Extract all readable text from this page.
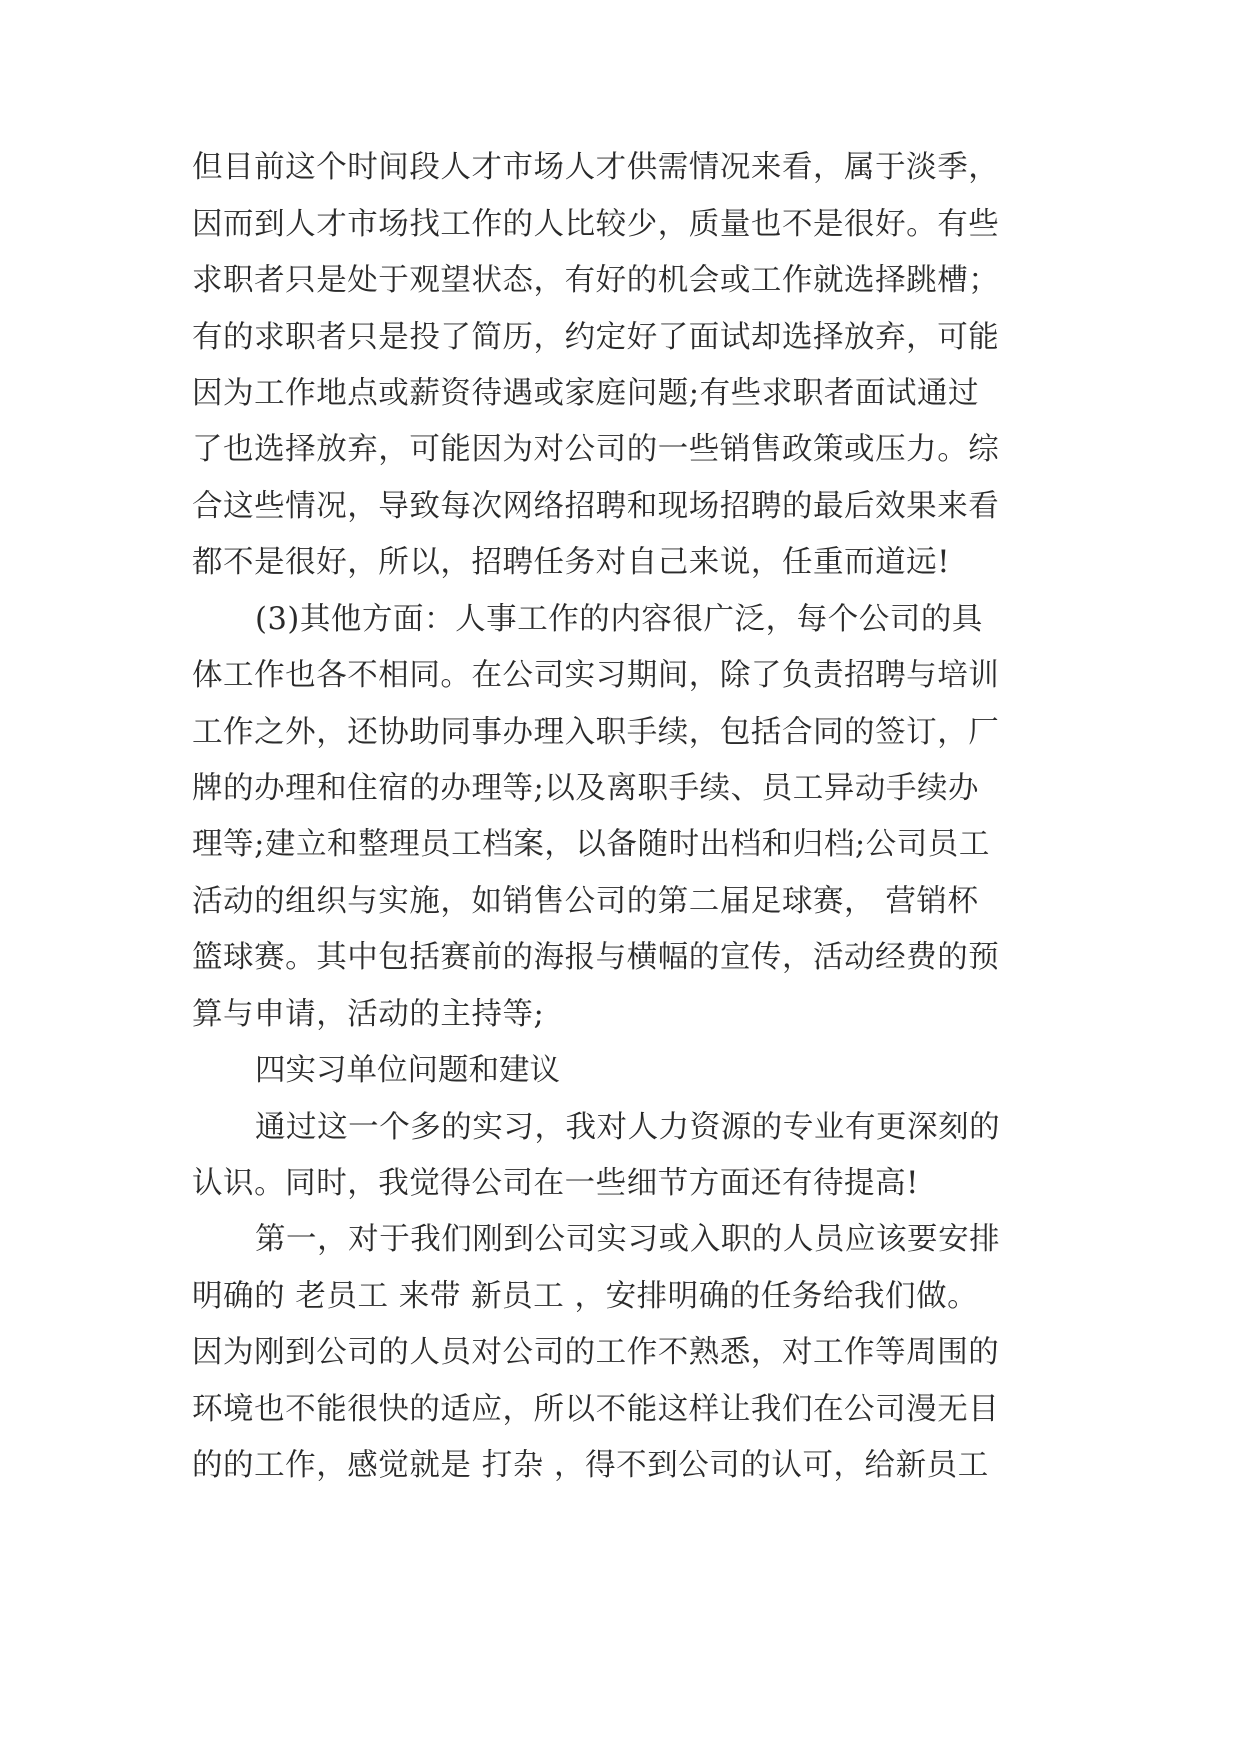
但目前这个时间段人才市场人才供需情况来看，属于淡季，
因而到人才市场找工作的人比较少，质量也不是很好。有些
求职者只是处于观望状态，有好的机会或工作就选择跳槽；
有的求职者只是投了简历，约定好了面试却选择放弃，可能
因为工作地点或薪资待遇或家庭问题;有些求职者面试通过
了也选择放弃，可能因为对公司的一些销售政策或压力。综
合这些情况，导致每次网络招聘和现场招聘的最后效果来看
都不是很好，所以，招聘任务对自己来说，任重而道远!
(3)其他方面：人事工作的内容很广泛，每个公司的具
体工作也各不相同。在公司实习期间，除了负责招聘与培训
工作之外，还协助同事办理入职手续，包括合同的签订，厂
牌的办理和住宿的办理等;以及离职手续、员工异动手续办
理等;建立和整理员工档案，以备随时出档和归档;公司员工
活动的组织与实施，如销售公司的第二届足球赛， 营销杯
篮球赛。其中包括赛前的海报与横幅的宣传，活动经费的预
算与申请，活动的主持等;
四实习单位问题和建议
通过这一个多的实习，我对人力资源的专业有更深刻的
认识。同时，我觉得公司在一些细节方面还有待提高!
第一，对于我们刚到公司实习或入职的人员应该要安排
明确的 老员工 来带 新员工 ，安排明确的任务给我们做。
因为刚到公司的人员对公司的工作不熟悉，对工作等周围的
环境也不能很快的适应，所以不能这样让我们在公司漫无目
的的工作，感觉就是 打杂 ，得不到公司的认可，给新员工
